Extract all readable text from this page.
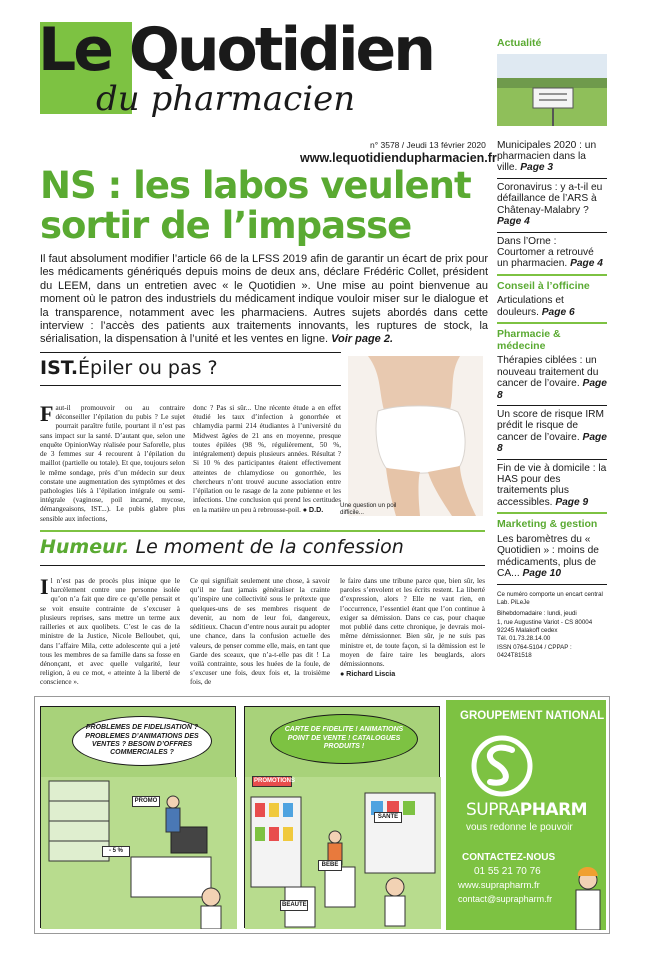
Le Quotidien
du pharmacien
n° 3578 / Jeudi 13 février 2020
www.lequotidiendupharmacien.fr
NS : les labos veulent sortir de l’impasse
Il faut absolument modifier l’article 66 de la LFSS 2019 afin de garantir un écart de prix pour les médicaments génériqués depuis moins de deux ans, déclare Frédéric Collet, président du LEEM, dans un entretien avec « le Quotidien ». Une mise au point bienvenue au moment où le patron des industriels du médicament indique vouloir miser sur le dialogue et la transparence, notamment avec les pharmaciens. Autres sujets abordés dans cette interview : l’accès des patients aux traitements innovants, les ruptures de stock, la sérialisation, la dispensation à l’unité et les ventes en ligne. Voir page 2.
IST.Épiler ou pas ?
Faut-il promouvoir ou au contraire déconseiller l’épilation du pubis ? Le sujet pourrait paraître futile, pourtant il n’est pas sans impact sur la santé. D’autant que, selon une enquête OpinionWay réalisée pour Saforelle, plus de 3 femmes sur 4 recourent à l’épilation du maillot (partielle ou totale). Et que, toujours selon le même sondage, près d’un médecin sur deux constate une augmentation des symptômes et des pathologies liés à l’épilation intégrale ou semi-intégrale (vaginose, poil incarné, mycose, démangeaisons, IST...). Le pubis glabre plus sensible aux infections,
donc ? Pas si sûr... Une récente étude a en effet étudié les taux d’infection à gonorrhée et chlamydia parmi 214 étudiantes à l’université du Midwest âgées de 21 ans en moyenne, presque toutes épilées (98 %, régulièrement, 50 %, intégralement) depuis plusieurs années. Résultat ? Si 10 % des participantes étaient effectivement atteintes de chlamydiose ou gonorrhée, les chercheurs n’ont trouvé aucune association entre l’épilation ou le rasage de la zone pubienne et les infections. Une conclusion qui prend les certitudes en la matière un peu à rebrousse-poil. ● D.D.	Une question un poil difficile...
Humeur. Le moment de la confession
Il n’est pas de procès plus inique que le harcèlement contre une personne isolée qu’on n’a fait que dire ce qu’elle pensait et se voit ensuite contrainte de s’excuser à plusieurs reprises, sans mettre un terme aux railleries et aux quolibets. C’est le cas de la ministre de la Justice, Nicole Belloubet, qui, dans l’affaire Mila, cette adolescente qui a jeté tous les membres de sa famille dans sa fosse en dénonçant, et avec quelle vulgarité, leur religion, à eu ce mot, « atteinte à la liberté de conscience ».
Ce qui signifiait seulement une chose, à savoir qu’il ne faut jamais généraliser la crainte qu’inspire une collectivité sous le prétexte que quelques-uns de ses membres risquent de devenir, au nom de leur foi, dangereux, séditieux. Chacun d’entre nous aurait pu adopter une chance, dans la confusion actuelle des valeurs, de penser comme elle, mais, en tant que Garde des sceaux, que n’a-t-elle pas dit ! La voilà contrainte, sous les huées de la foule, de s’excuser une fois, deux fois et, la troisième fois, de
le faire dans une tribune parce que, bien sûr, les paroles s’envolent et les écrits restent. La liberté d’expression, alors ? Elle ne vaut rien, en l’occurrence, l’essentiel étant que l’on continue à exiger sa démission. Dans ce cas, pour chaque mot publié dans cette chronique, je devrais moi-même démissionner. Bien sûr, je ne suis pas ministre et, de toute façon, si la démission est le moyen de faire taire les beuglards, alors démissionnons.
● Richard Liscia
Actualité
Municipales 2020 : un pharmacien dans la ville. Page 3
Coronavirus : y a-t-il eu défaillance de l’ARS à Châtenay-Malabry ? Page 4
Dans l’Orne : Courtomer a retrouvé un pharmacien. Page 4
Conseil à l’officine
Articulations et douleurs. Page 6
Pharmacie & médecine
Thérapies ciblées : un nouveau traitement du cancer de l’ovaire. Page 8
Un score de risque IRM prédit le risque de cancer de l’ovaire. Page 8
Fin de vie à domicile : la HAS pour des traitements plus accessibles. Page 9
Marketing & gestion
Les baromètres du « Quotidien » : moins de médicaments, plus de CA... Page 10
Ce numéro comporte un encart central Lab. PiLeJe
Bihebdomadaire : lundi, jeudi
1, rue Augustine Variot - CS 80004
92245 Malakoff cedex
Tél. 01.73.28.14.00
ISSN 0764-5104 / CPPAP : 0424T81518
PROMO
- 5 %
PROBLEMES DE FIDELISATION ? PROBLEMES D’ANIMATIONS DES VENTES ? BESOIN D’OFFRES COMMERCIALES ?
PROMOTIONS
SANTE
BEBE
BEAUTE
CARTE DE FIDELITE ! ANIMATIONS POINT DE VENTE ! CATALOGUES PRODUITS !
GROUPEMENT NATIONAL
SUPRAPHARM
vous redonne le pouvoir
CONTACTEZ-NOUS
01 55 21 70 76
www.suprapharm.fr
contact@suprapharm.fr
